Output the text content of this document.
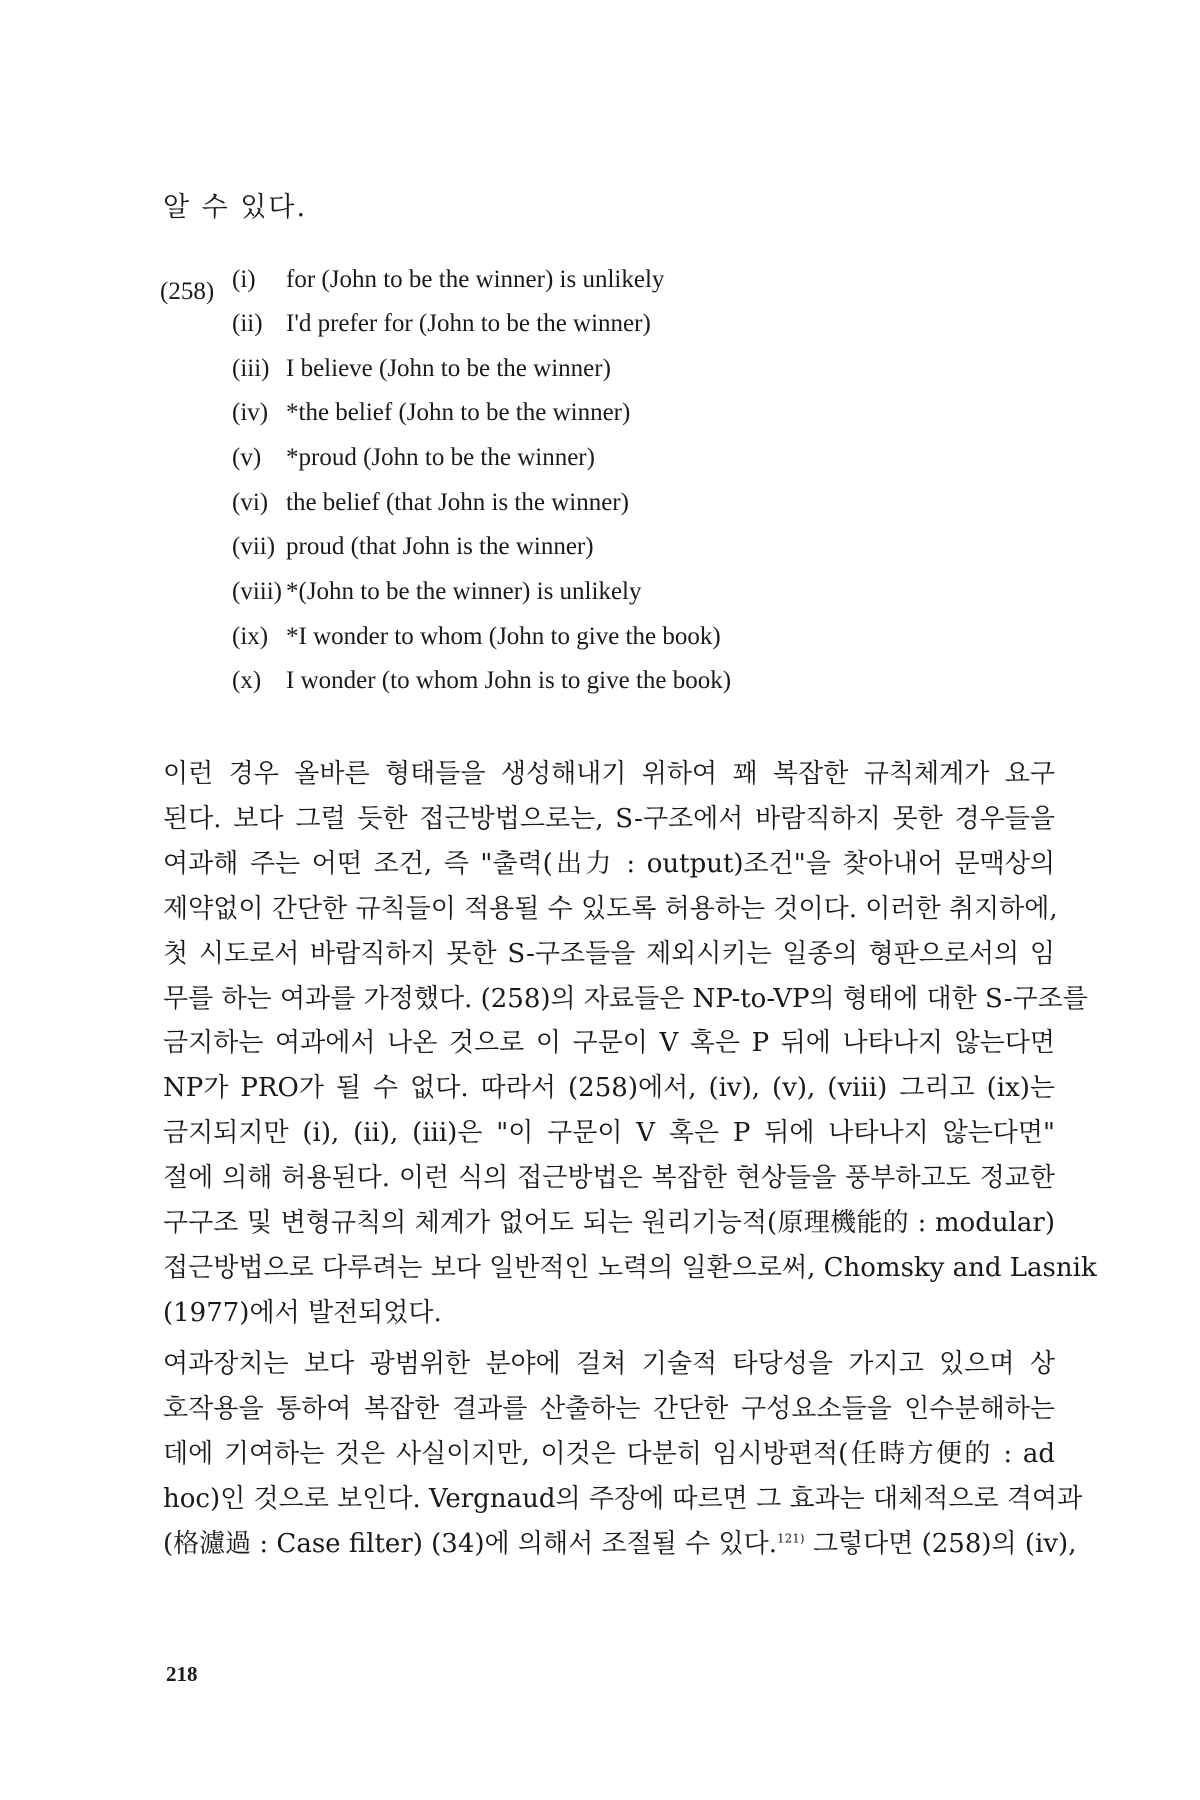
알 수 있다.
(258) (i) for (John to be the winner) is unlikely
(ii) I'd prefer for (John to be the winner)
(iii) I believe (John to be the winner)
(iv) *the belief (John to be the winner)
(v) *proud (John to be the winner)
(vi) the belief (that John is the winner)
(vii) proud (that John is the winner)
(viii) *(John to be the winner) is unlikely
(ix) *I wonder to whom (John to give the book)
(x) I wonder (to whom John is to give the book)
이런 경우 올바른 형태들을 생성해내기 위하여 꽤 복잡한 규칙체계가 요구
된다. 보다 그럴 듯한 접근방법으로는, S-구조에서 바람직하지 못한 경우들을
여과해 주는 어떤 조건, 즉 "출력(出力 : output)조건"을 찾아내어 문맥상의
제약없이 간단한 규칙들이 적용될 수 있도록 허용하는 것이다. 이러한 취지하에,
첫 시도로서 바람직하지 못한 S-구조들을 제외시키는 일종의 형판으로서의 임
무를 하는 여과를 가정했다. (258)의 자료들은 NP-to-VP의 형태에 대한 S-구조를
금지하는 여과에서 나온 것으로 이 구문이 V 혹은 P 뒤에 나타나지 않는다면
NP가 PRO가 될 수 없다. 따라서 (258)에서, (iv), (v), (viii) 그리고 (ix)는
금지되지만 (i), (ii), (iii)은 "이 구문이 V 혹은 P 뒤에 나타나지 않는다면"
절에 의해 허용된다. 이런 식의 접근방법은 복잡한 현상들을 풍부하고도 정교한
구구조 및 변형규칙의 체계가 없어도 되는 원리기능적(原理機能的 : modular)
접근방법으로 다루려는 보다 일반적인 노력의 일환으로써, Chomsky and Lasnik
(1977)에서 발전되었다.
여과장치는 보다 광범위한 분야에 걸쳐 기술적 타당성을 가지고 있으며 상
호작용을 통하여 복잡한 결과를 산출하는 간단한 구성요소들을 인수분해하는
데에 기여하는 것은 사실이지만, 이것은 다분히 임시방편적(任時方便的 : ad
hoc)인 것으로 보인다. Vergnaud의 주장에 따르면 그 효과는 대체적으로 격여과
(格濾過 : Case filter) (34)에 의해서 조절될 수 있다.$^{121)}$ 그렇다면 (258)의 (iv),
218
